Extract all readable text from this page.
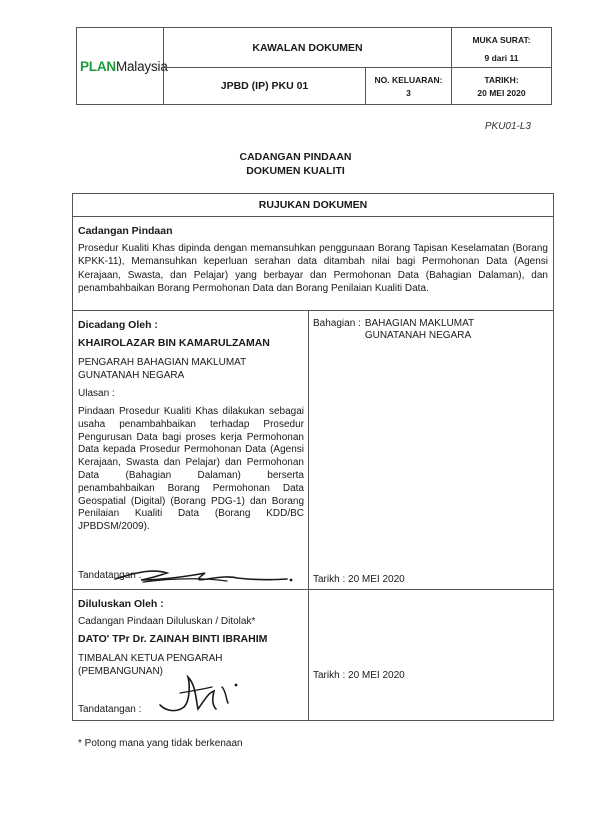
PLANMalaysia
KAWALAN DOKUMEN
MUKA SURAT:
9 dari 11
JPBD (IP) PKU 01
NO. KELUARAN:
3
TARIKH:
20 MEI 2020
PKU01-L3
CADANGAN PINDAAN
DOKUMEN KUALITI
RUJUKAN DOKUMEN
Cadangan Pindaan
Prosedur Kualiti Khas dipinda dengan memansuhkan penggunaan Borang Tapisan Keselamatan (Borang KPKK-11), Memansuhkan keperluan serahan data ditambah nilai bagi Permohonan Data (Agensi Kerajaan, Swasta, dan Pelajar) yang berbayar dan Permohonan Data (Bahagian Dalaman), dan penambahbaikan Borang Permohonan Data dan Borang Penilaian Kualiti Data.
Dicadang Oleh :
KHAIROLAZAR BIN KAMARULZAMAN
PENGARAH BAHAGIAN MAKLUMAT GUNATANAH NEGARA
Ulasan :
Pindaan Prosedur Kualiti Khas dilakukan sebagai usaha penambahbaikan terhadap Prosedur Pengurusan Data bagi proses kerja Permohonan Data kepada Prosedur Permohonan Data (Agensi Kerajaan, Swasta dan Pelajar) dan Permohonan Data (Bahagian Dalaman) berserta penambahbaikan Borang Permohonan Data Geospatial (Digital) (Borang PDG-1) dan Borang Penilaian Kualiti Data (Borang KDD/BC JPBDSM/2009).
Tandatangan :
Bahagian : BAHAGIAN MAKLUMAT
GUNATANAH NEGARA
Tarikh : 20 MEI 2020
Diluluskan Oleh :
Cadangan Pindaan Diluluskan / Ditolak*
DATO' TPr Dr. ZAINAH BINTI IBRAHIM
TIMBALAN KETUA PENGARAH (PEMBANGUNAN)
Tandatangan :
Tarikh : 20 MEI 2020
* Potong mana yang tidak berkenaan
